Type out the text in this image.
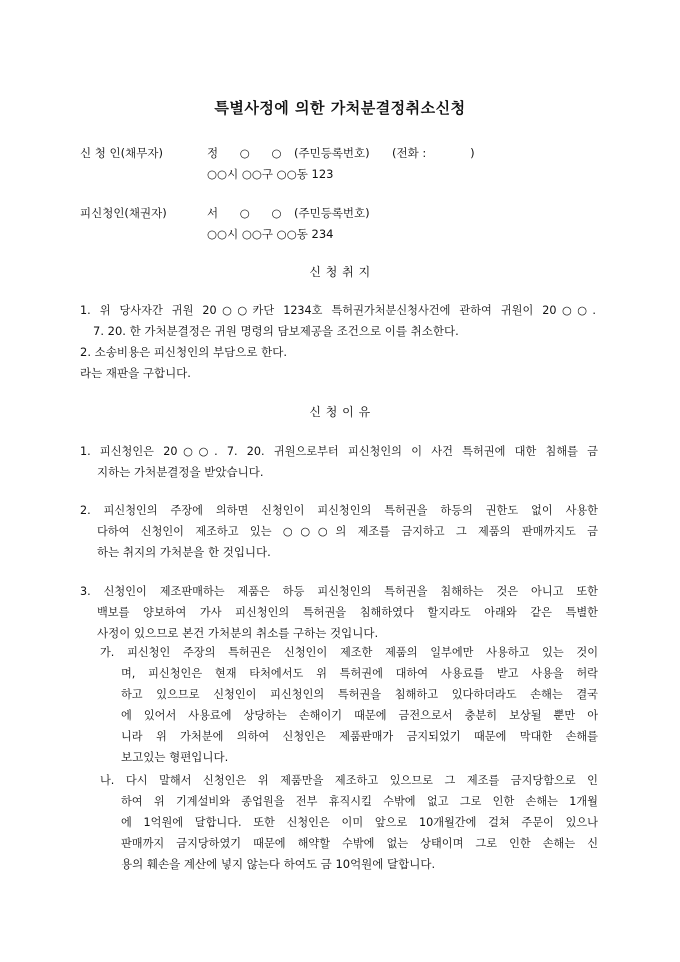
특별사정에 의한 가처분결정취소신청
신 청 인(채무자)	정 ○ ○ (주민등록번호) (전화 :            )
○○시 ○○구 ○○동 123
피신청인(채권자)	서 ○ ○ (주민등록번호)
○○시 ○○구 ○○동 234
신 청 취 지
1. 위 당사자간 귀원 20○○카단 1234호 특허권가처분신청사건에 관하여 귀원이 20○○.
7. 20. 한 가처분결정은 귀원 명령의 담보제공을 조건으로 이를 취소한다.
2. 소송비용은 피신청인의 부담으로 한다.
라는 재판을 구합니다.
신 청 이 유
1. 피신청인은 20○○. 7. 20. 귀원으로부터 피신청인의 이 사건 특허권에 대한 침해를 금
지하는 가처분결정을 받았습니다.
2. 피신청인의 주장에 의하면 신청인이 피신청인의 특허권을 하등의 권한도 없이 사용한
다하여 신청인이 제조하고 있는 ○○○의 제조를 금지하고 그 제품의 판매까지도 금
하는 취지의 가처분을 한 것입니다.
3. 신청인이 제조판매하는 제품은 하등 피신청인의 특허권을 침해하는 것은 아니고 또한
백보를 양보하여 가사 피신청인의 특허권을 침해하였다 할지라도 아래와 같은 특별한
사정이 있으므로 본건 가처분의 취소를 구하는 것입니다.
가. 피신청인 주장의 특허권은 신청인이 제조한 제품의 일부에만 사용하고 있는 것이
며, 피신청인은 현재 타처에서도 위 특허권에 대하여 사용료를 받고 사용을 허락
하고 있으므로 신청인이 피신청인의 특허권을 침해하고 있다하더라도 손해는 결국
에 있어서 사용료에 상당하는 손해이기 때문에 금전으로서 충분히 보상될 뿐만 아
니라 위 가처분에 의하여 신청인은 제품판매가 금지되었기 때문에 막대한 손해를
보고있는 형편입니다.
나. 다시 말해서 신청인은 위 제품만을 제조하고 있으므로 그 제조를 금지당함으로 인
하여 위 기계설비와 종업원을 전부 휴직시킬 수밖에 없고 그로 인한 손해는 1개월
에 1억원에 달합니다. 또한 신청인은 이미 앞으로 10개월간에 걸쳐 주문이 있으나
판매까지 금지당하였기 때문에 해약할 수밖에 없는 상태이며 그로 인한 손해는 신
용의 훼손을 계산에 넣지 않는다 하여도 금 10억원에 달합니다.
